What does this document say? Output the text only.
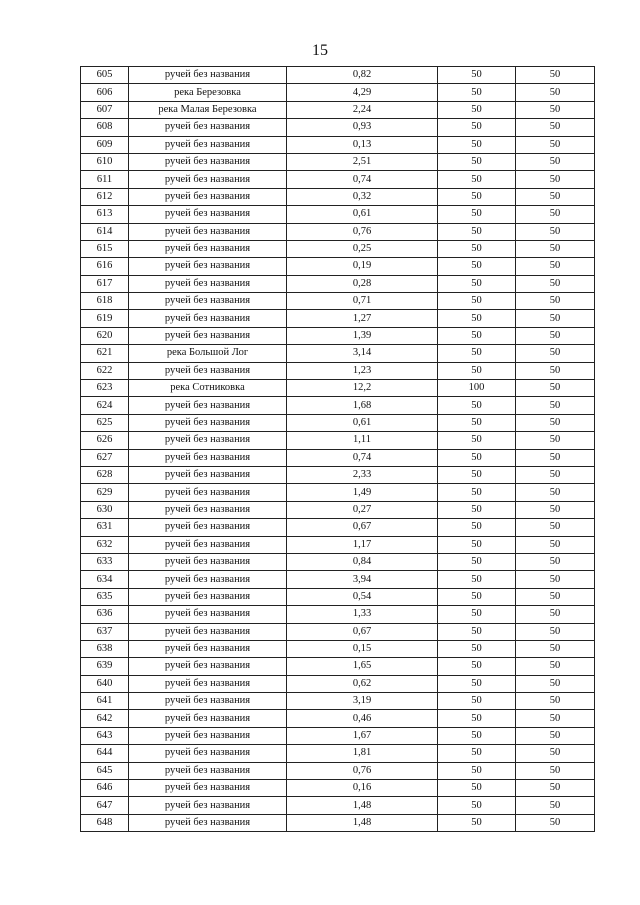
15
605	ручей без названия	0,82	50	50
606	река Березовка	4,29	50	50
607	река Малая Березовка	2,24	50	50
608	ручей без названия	0,93	50	50
609	ручей без названия	0,13	50	50
610	ручей без названия	2,51	50	50
611	ручей без названия	0,74	50	50
612	ручей без названия	0,32	50	50
613	ручей без названия	0,61	50	50
614	ручей без названия	0,76	50	50
615	ручей без названия	0,25	50	50
616	ручей без названия	0,19	50	50
617	ручей без названия	0,28	50	50
618	ручей без названия	0,71	50	50
619	ручей без названия	1,27	50	50
620	ручей без названия	1,39	50	50
621	река Большой Лог	3,14	50	50
622	ручей без названия	1,23	50	50
623	река Сотниковка	12,2	100	50
624	ручей без названия	1,68	50	50
625	ручей без названия	0,61	50	50
626	ручей без названия	1,11	50	50
627	ручей без названия	0,74	50	50
628	ручей без названия	2,33	50	50
629	ручей без названия	1,49	50	50
630	ручей без названия	0,27	50	50
631	ручей без названия	0,67	50	50
632	ручей без названия	1,17	50	50
633	ручей без названия	0,84	50	50
634	ручей без названия	3,94	50	50
635	ручей без названия	0,54	50	50
636	ручей без названия	1,33	50	50
637	ручей без названия	0,67	50	50
638	ручей без названия	0,15	50	50
639	ручей без названия	1,65	50	50
640	ручей без названия	0,62	50	50
641	ручей без названия	3,19	50	50
642	ручей без названия	0,46	50	50
643	ручей без названия	1,67	50	50
644	ручей без названия	1,81	50	50
645	ручей без названия	0,76	50	50
646	ручей без названия	0,16	50	50
647	ручей без названия	1,48	50	50
648	ручей без названия	1,48	50	50
